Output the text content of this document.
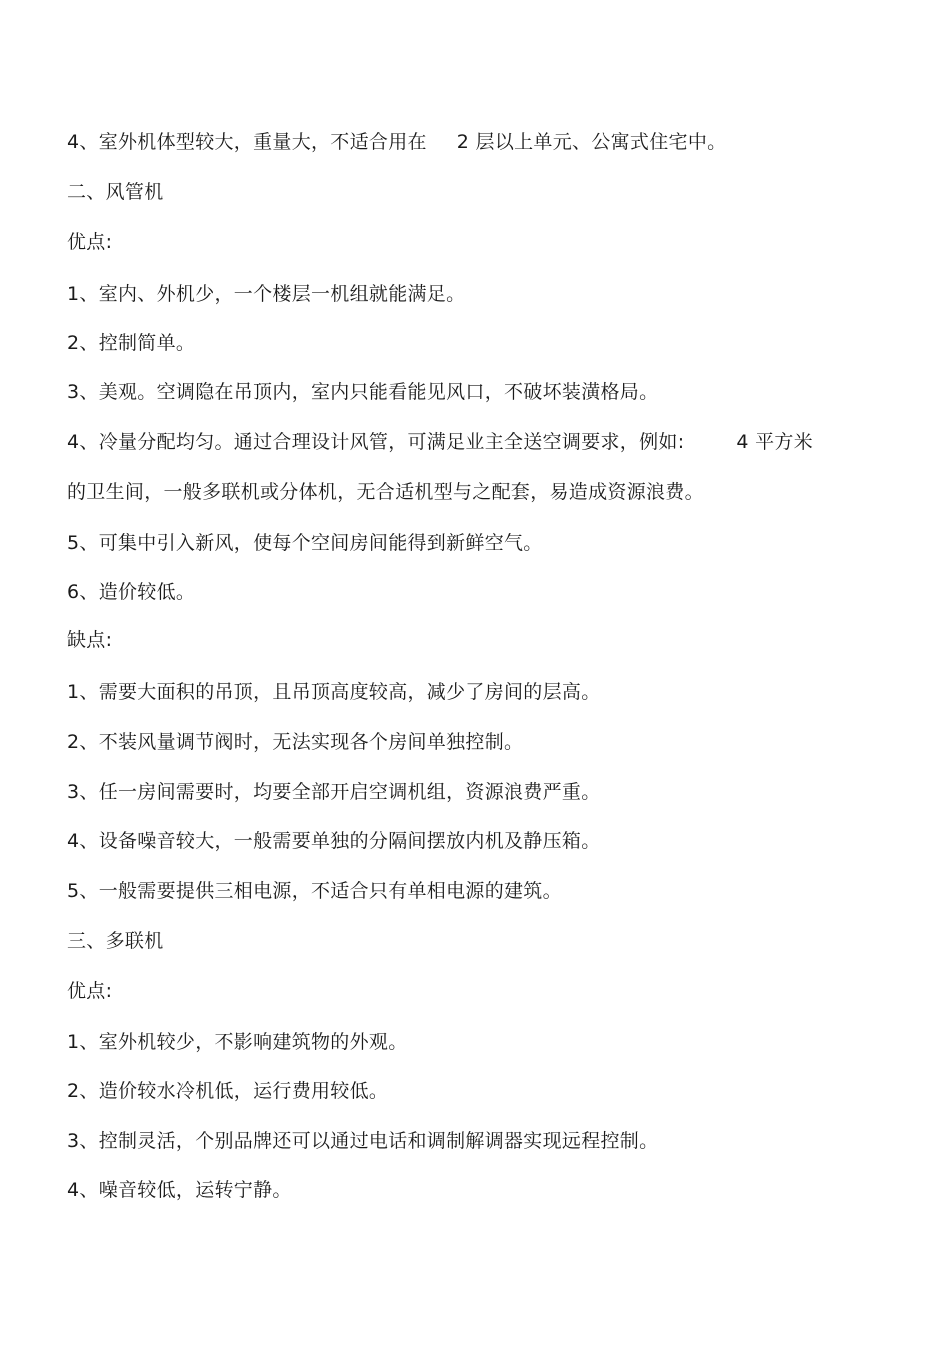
4、室外机体型较大，重量大，不适合用在 2 层以上单元、公寓式住宅中。
二、风管机
优点:
1、室内、外机少，一个楼层一机组就能满足。
2、控制简单。
3、美观。空调隐在吊顶内，室内只能看能见风口，不破坏装潢格局。
4、冷量分配均匀。通过合理设计风管，可满足业主全送空调要求，例如:	4 平方米
的卫生间，一般多联机或分体机，无合适机型与之配套，易造成资源浪费。
5、可集中引入新风，使每个空间房间能得到新鲜空气。
6、造价较低。
缺点:
1、需要大面积的吊顶，且吊顶高度较高，减少了房间的层高。
2、不装风量调节阀时，无法实现各个房间单独控制。
3、任一房间需要时，均要全部开启空调机组，资源浪费严重。
4、设备噪音较大，一般需要单独的分隔间摆放内机及静压箱。
5、一般需要提供三相电源，不适合只有单相电源的建筑。
三、多联机
优点:
1、室外机较少，不影响建筑物的外观。
2、造价较水冷机低，运行费用较低。
3、控制灵活，个别品牌还可以通过电话和调制解调器实现远程控制。
4、噪音较低，运转宁静。
